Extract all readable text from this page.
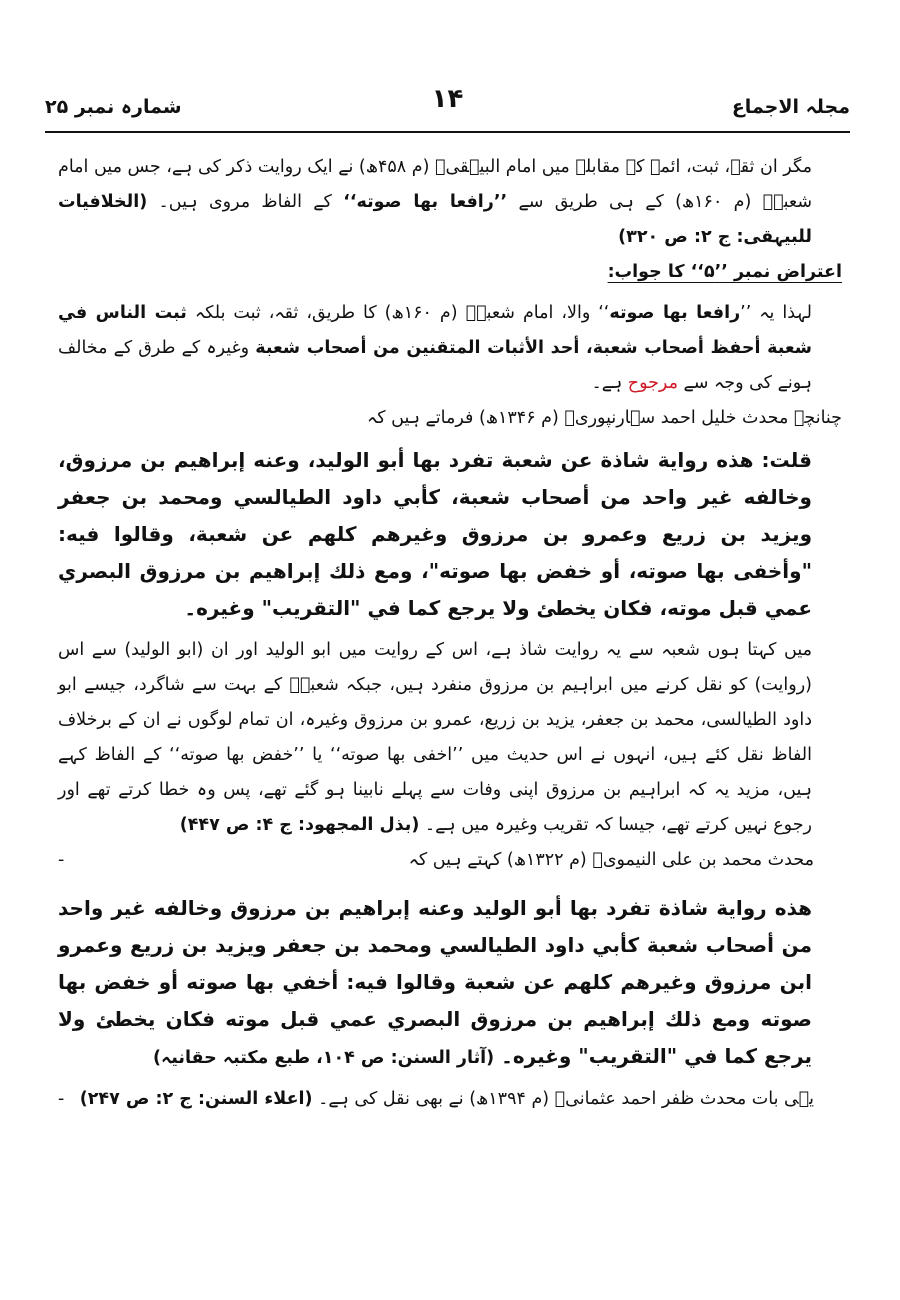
شمارہ نمبر ۲۵	۱۴	مجلہ الاجماع

مگر ان ثقہ، ثبت، ائمہ کے مقابلے میں امام البیہقیؒ (م ۴۵۸ھ) نے ایک روایت ذکر کی ہے، جس میں امام شعبہؒ (م ۱۶۰ھ) کے ہی طریق سے ’’رافعا بها صوته‘‘ کے الفاظ مروی ہیں۔ (الخلافیات للبیہقی: ج ۲: ص ۳۲۰)

اعتراض نمبر ’’۵‘‘ کا جواب:

لہذا یہ ’’رافعا بها صوته‘‘ والا، امام شعبہؒ (م ۱۶۰ھ) کا طریق، ثقہ، ثبت بلکہ ثبت الناس في شعبة أحفظ أصحاب شعبة، أحد الأثبات المتقنين من أصحاب شعبة وغیرہ کے طرق کے مخالف ہونے کی وجہ سے مرجوح ہے۔

چنانچہ محدث خلیل احمد سہارنپوریؒ (م ۱۳۴۶ھ) فرماتے ہیں کہ

قلت: هذه رواية شاذة عن شعبة تفرد بها أبو الوليد، وعنه إبراهيم بن مرزوق، وخالفه غير واحد من أصحاب شعبة، كأبي داود الطيالسي ومحمد بن جعفر ويزيد بن زريع وعمرو بن مرزوق وغيرهم كلهم عن شعبة، وقالوا فيه: "وأخفى بها صوته، أو خفض بها صوته"، ومع ذلك إبراهيم بن مرزوق البصري عمي قبل موته، فكان يخطئ ولا يرجع كما في "التقريب" وغيره۔

میں کہتا ہوں شعبہ سے یہ روایت شاذ ہے، اس کے روایت میں ابو الولید اور ان (ابو الولید) سے اس (روایت) کو نقل کرنے میں ابراہیم بن مرزوق منفرد ہیں، جبکہ شعبہؒ کے بہت سے شاگرد، جیسے ابو داود الطیالسی، محمد بن جعفر، یزید بن زریع، عمرو بن مرزوق وغیرہ، ان تمام لوگوں نے ان کے برخلاف الفاظ نقل کئے ہیں، انہوں نے اس حدیث میں ’’اخفی بها صوته‘‘ یا ’’خفض بها صوته‘‘ کے الفاظ کہے ہیں، مزید یہ کہ ابراہیم بن مرزوق اپنی وفات سے پہلے نابینا ہو گئے تھے، پس وہ خطا کرتے تھے اور رجوع نہیں کرتے تھے، جیسا کہ تقریب وغیرہ میں ہے۔ (بذل المجهود: ج ۴: ص ۴۴۷)

-	محدث محمد بن علی النیمویؒ (م ۱۳۲۲ھ) کہتے ہیں کہ

هذه رواية شاذة تفرد بها أبو الوليد وعنه إبراهيم بن مرزوق وخالفه غير واحد من أصحاب شعبة كأبي داود الطيالسي ومحمد بن جعفر ويزيد بن زريع وعمرو ابن مرزوق وغيرهم كلهم عن شعبة وقالوا فيه: أخفي بها صوته أو خفض بها صوته ومع ذلك إبراهيم بن مرزوق البصري عمي قبل موته فكان يخطئ ولا يرجع كما في "التقريب" وغيره۔ (آثار السنن: ص ۱۰۴، طبع مکتبہ حقانیہ)

-	یہی بات محدث ظفر احمد عثمانیؒ (م ۱۳۹۴ھ) نے بھی نقل کی ہے۔ (اعلاء السنن: ج ۲: ص ۲۴۷)
